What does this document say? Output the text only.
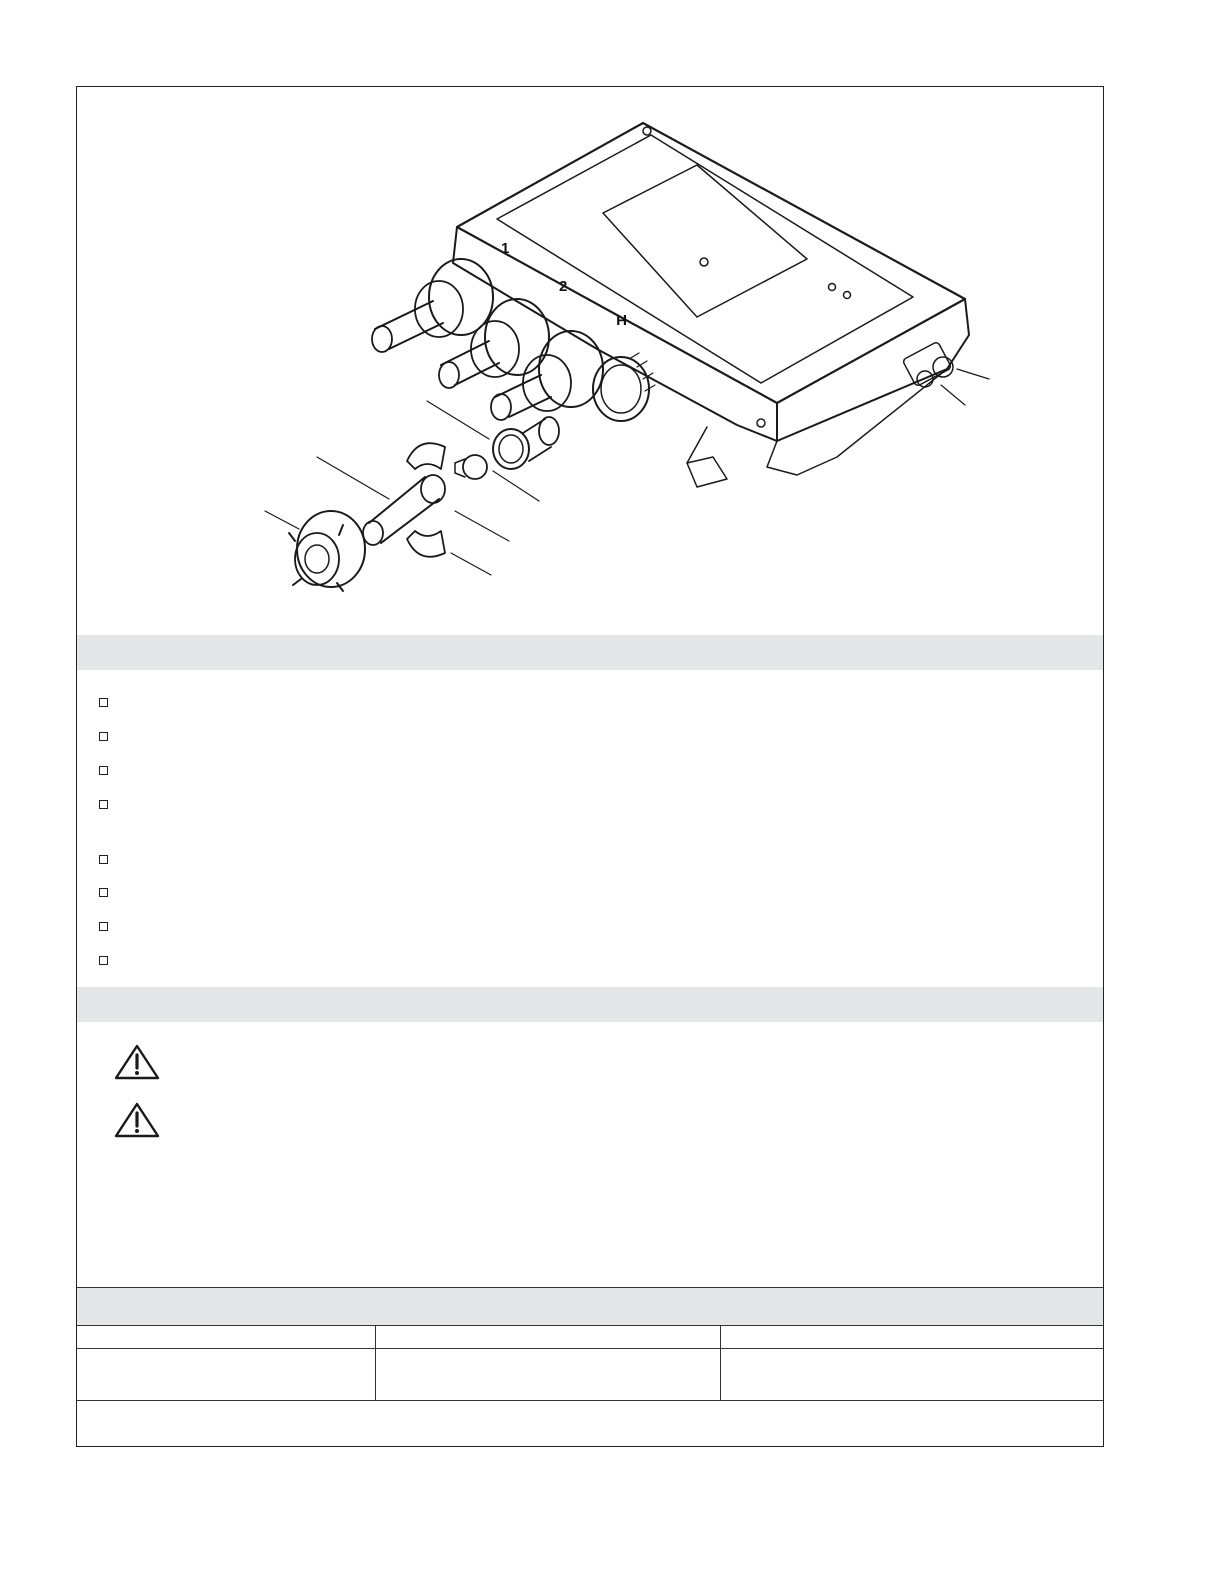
1
2
H
